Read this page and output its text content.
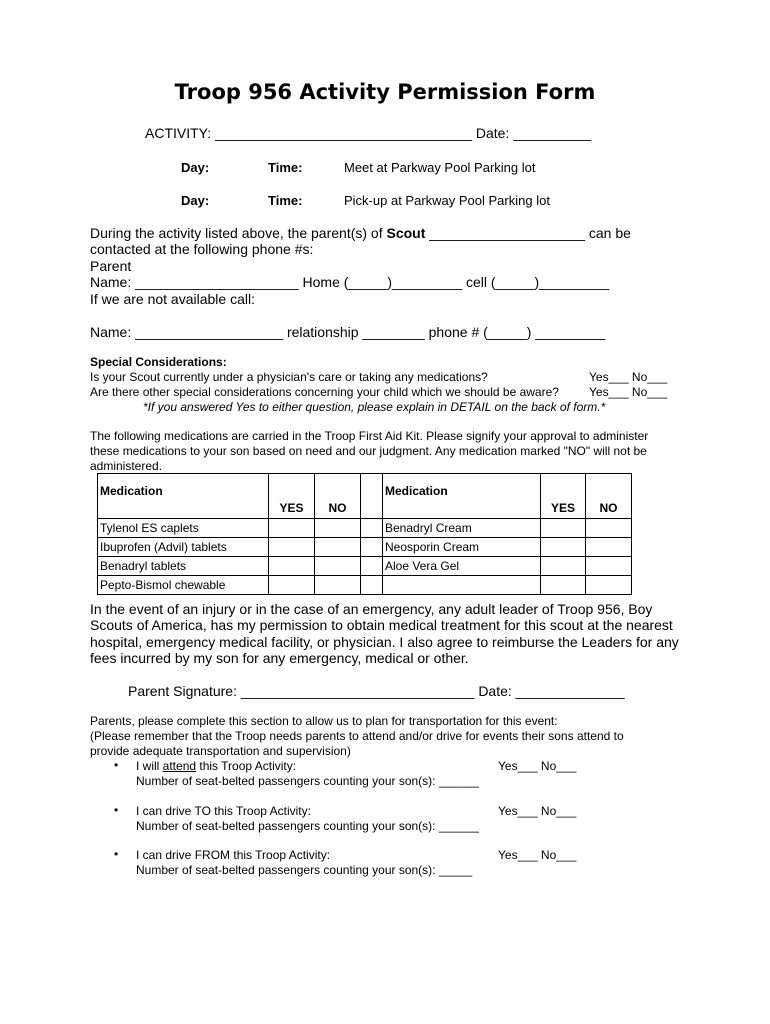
Troop 956 Activity Permission Form
ACTIVITY: _________________________________ Date: __________
Day:	Time:	Meet at Parkway Pool Parking lot
Day:	Time:	Pick-up at Parkway Pool Parking lot
During the activity listed above, the parent(s) of Scout ____________________ can be
contacted at the following phone #s:
Parent
Name: _____________________ Home (_____)_________ cell (_____)_________
If we are not available call:
Name: ___________________ relationship ________ phone # (_____) _________
Special Considerations:
Is your Scout currently under a physician's care or taking any medications?	Yes___ No___
Are there other special considerations concerning your child which we should be aware?	Yes___ No___
*If you answered Yes to either question, please explain in DETAIL on the back of form.*
The following medications are carried in the Troop First Aid Kit. Please signify your approval to administer
these medications to your son based on need and our judgment. Any medication marked "NO" will not be
administered.
Medication	YES	NO		Medication	YES	NO
Tylenol ES caplets				Benadryl Cream		
Ibuprofen (Advil) tablets				Neosporin Cream		
Benadryl tablets				Aloe Vera Gel		
Pepto-Bismol chewable						
In the event of an injury or in the case of an emergency, any adult leader of Troop 956, Boy
Scouts of America, has my permission to obtain medical treatment for this scout at the nearest
hospital, emergency medical facility, or physician. I also agree to reimburse the Leaders for any
fees incurred by my son for any emergency, medical or other.
Parent Signature: ______________________________ Date: ______________
Parents, please complete this section to allow us to plan for transportation for this event:
(Please remember that the Troop needs parents to attend and/or drive for events their sons attend to
provide adequate transportation and supervision)
• I will attend this Troop Activity:	Yes___ No___
Number of seat-belted passengers counting your son(s): ______
• I can drive TO this Troop Activity:	Yes___ No___
Number of seat-belted passengers counting your son(s): ______
• I can drive FROM this Troop Activity:	Yes___ No___
Number of seat-belted passengers counting your son(s): _____
